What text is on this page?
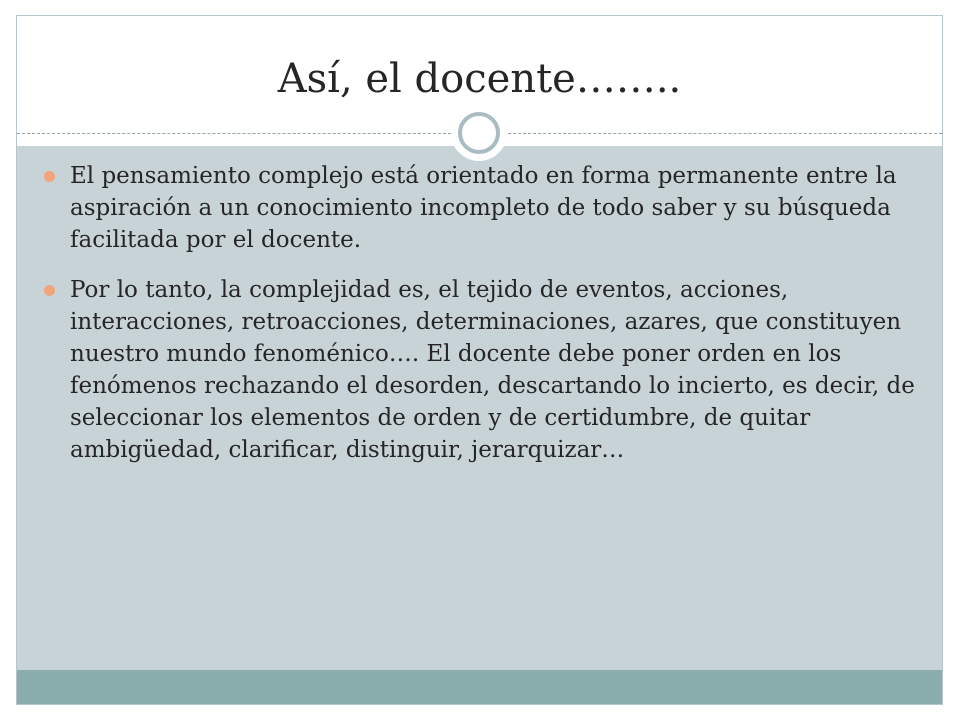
Así, el docente……..
El pensamiento complejo está orientado en forma permanente entre la aspiración a un conocimiento incompleto de todo saber y su búsqueda facilitada por el docente.
Por lo tanto, la complejidad es, el tejido de eventos, acciones, interacciones, retroacciones, determinaciones, azares, que constituyen nuestro mundo fenoménico…. El docente debe poner orden en los fenómenos rechazando el desorden, descartando lo incierto, es decir, de seleccionar los elementos de orden y de certidumbre, de quitar ambigüedad, clarificar, distinguir, jerarquizar…
